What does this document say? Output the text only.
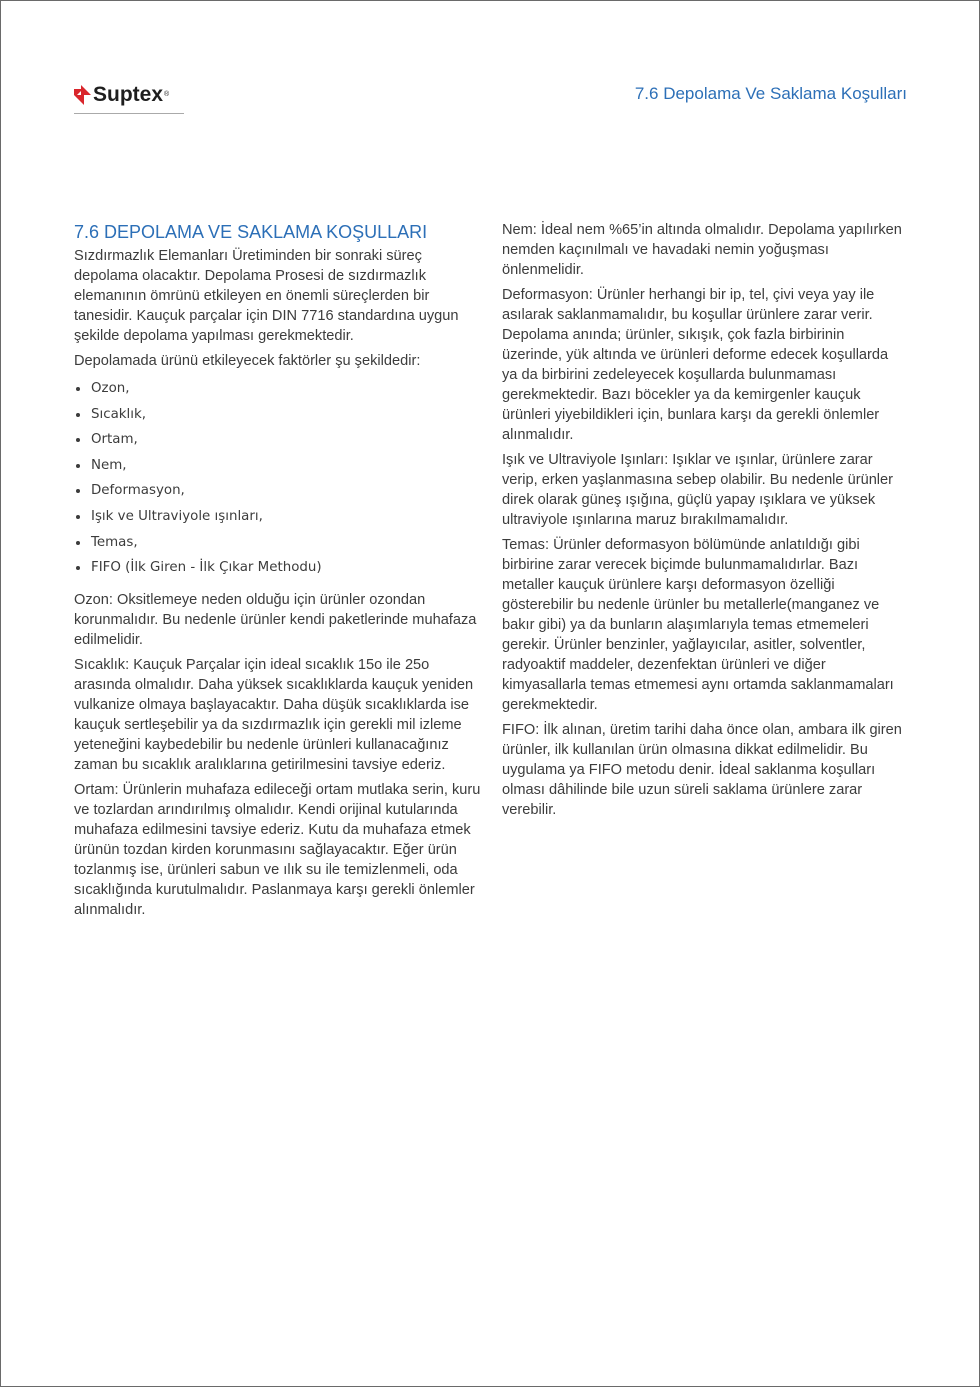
Suptex ®	7.6 Depolama Ve Saklama Koşulları
7.6 DEPOLAMA VE SAKLAMA KOŞULLARI

Sızdırmazlık Elemanları Üretiminden bir sonraki süreç depolama olacaktır. Depolama Prosesi de sızdırmazlık elemanının ömrünü etkileyen en önemli süreçlerden bir tanesidir. Kauçuk parçalar için DIN 7716 standardına uygun şekilde depolama yapılması gerekmektedir.

Depolamada ürünü etkileyecek faktörler şu şekildedir:

Ozon,
Sıcaklık,
Ortam,
Nem,
Deformasyon,
Işık ve Ultraviyole ışınları,
Temas,
FIFO (İlk Giren - İlk Çıkar Methodu)

Ozon: Oksitlemeye neden olduğu için ürünler ozondan korunmalıdır. Bu nedenle ürünler kendi paketlerinde muhafaza edilmelidir.

Sıcaklık: Kauçuk Parçalar için ideal sıcaklık 15o ile 25o arasında olmalıdır. Daha yüksek sıcaklıklarda kauçuk yeniden vulkanize olmaya başlayacaktır. Daha düşük sıcaklıklarda ise kauçuk sertleşebilir ya da sızdırmazlık için gerekli mil izleme yeteneğini kaybedebilir bu nedenle ürünleri kullanacağınız zaman bu sıcaklık aralıklarına getirilmesini tavsiye ederiz.

Ortam: Ürünlerin muhafaza edileceği ortam mutlaka serin, kuru ve tozlardan arındırılmış olmalıdır. Kendi orijinal kutularında muhafaza edilmesini tavsiye ederiz. Kutu da muhafaza etmek ürünün tozdan kirden korunmasını sağlayacaktır. Eğer ürün tozlanmış ise, ürünleri sabun ve ılık su ile temizlenmeli, oda sıcaklığında kurutulmalıdır. Paslanmaya karşı gerekli önlemler alınmalıdır.

Nem: İdeal nem %65’in altında olmalıdır. Depolama yapılırken nemden kaçınılmalı ve havadaki nemin yoğuşması önlenmelidir.

Deformasyon: Ürünler herhangi bir ip, tel, çivi veya yay ile asılarak saklanmamalıdır, bu koşullar ürünlere zarar verir. Depolama anında; ürünler, sıkışık, çok fazla birbirinin üzerinde, yük altında ve ürünleri deforme edecek koşullarda ya da birbirini zedeleyecek koşullarda bulunmaması gerekmektedir. Bazı böcekler ya da kemirgenler kauçuk ürünleri yiyebildikleri için, bunlara karşı da gerekli önlemler alınmalıdır.

Işık ve Ultraviyole Işınları: Işıklar ve ışınlar, ürünlere zarar verip, erken yaşlanmasına sebep olabilir. Bu nedenle ürünler direk olarak güneş ışığına, güçlü yapay ışıklara ve yüksek ultraviyole ışınlarına maruz bırakılmamalıdır.

Temas: Ürünler deformasyon bölümünde anlatıldığı gibi birbirine zarar verecek biçimde bulunmamalıdırlar. Bazı metaller kauçuk ürünlere karşı deformasyon özelliği gösterebilir bu nedenle ürünler bu metallerle(manganez ve bakır gibi) ya da bunların alaşımlarıyla temas etmemeleri gerekir. Ürünler benzinler, yağlayıcılar, asitler, solventler, radyoaktif maddeler, dezenfektan ürünleri ve diğer kimyasallarla temas etmemesi aynı ortamda saklanmamaları gerekmektedir.

FIFO: İlk alınan, üretim tarihi daha önce olan, ambara ilk giren ürünler, ilk kullanılan ürün olmasına dikkat edilmelidir. Bu uygulama ya FIFO metodu denir. İdeal saklanma koşulları olması dâhilinde bile uzun süreli saklama ürünlere zarar verebilir.
